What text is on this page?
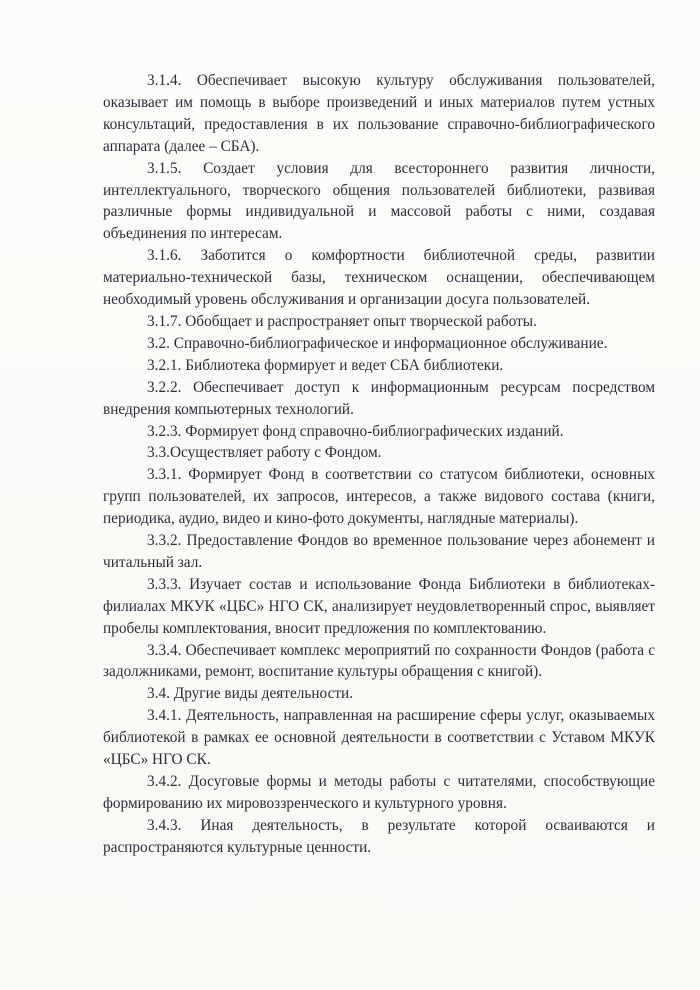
3.1.4. Обеспечивает высокую культуру обслуживания пользователей, оказывает им помощь в выборе произведений и иных материалов путем устных консультаций, предоставления в их пользование справочно-библиографического аппарата (далее – СБА).

3.1.5. Создает условия для всестороннего развития личности, интеллектуального, творческого общения пользователей библиотеки, развивая различные формы индивидуальной и массовой работы с ними, создавая объединения по интересам.

3.1.6. Заботится о комфортности библиотечной среды, развитии материально-технической базы, техническом оснащении, обеспечивающем необходимый уровень обслуживания и организации досуга пользователей.

3.1.7. Обобщает и распространяет опыт творческой работы.

3.2. Справочно-библиографическое и информационное обслуживание.

3.2.1. Библиотека формирует и ведет СБА библиотеки.

3.2.2. Обеспечивает доступ к информационным ресурсам посредством внедрения компьютерных технологий.

3.2.3. Формирует фонд справочно-библиографических изданий.

3.3.Осуществляет работу с Фондом.

3.3.1. Формирует Фонд в соответствии со статусом библиотеки, основных групп пользователей, их запросов, интересов, а также видового состава (книги, периодика, аудио, видео и кино-фото документы, наглядные материалы).

3.3.2. Предоставление Фондов во временное пользование через абонемент и читальный зал.

3.3.3. Изучает состав и использование Фонда Библиотеки в библиотеках-филиалах МКУК «ЦБС» НГО СК, анализирует неудовлетворенный спрос, выявляет пробелы комплектования, вносит предложения по комплектованию.

3.3.4. Обеспечивает комплекс мероприятий по сохранности Фондов (работа с задолжниками, ремонт, воспитание культуры обращения с книгой).

3.4. Другие виды деятельности.

3.4.1. Деятельность, направленная на расширение сферы услуг, оказываемых библиотекой в рамках ее основной деятельности в соответствии с Уставом МКУК «ЦБС» НГО СК.

3.4.2. Досуговые формы и методы работы с читателями, способствующие формированию их мировоззренческого и культурного уровня.

3.4.3. Иная деятельность, в результате которой осваиваются и распространяются культурные ценности.
